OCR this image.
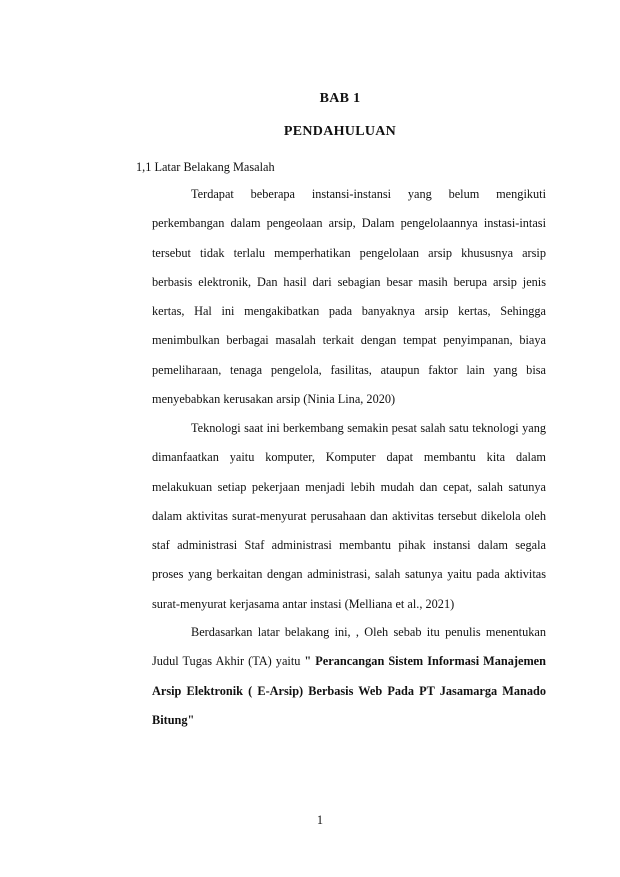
BAB 1
PENDAHULUAN
1,1 Latar Belakang Masalah

Terdapat beberapa instansi-instansi yang belum mengikuti perkembangan dalam pengeolaan arsip, Dalam pengelolaannya instasi-intasi tersebut tidak terlalu memperhatikan pengelolaan arsip khususnya arsip berbasis elektronik, Dan hasil dari sebagian besar masih berupa arsip jenis kertas, Hal ini mengakibatkan pada banyaknya arsip kertas, Sehingga menimbulkan berbagai masalah terkait dengan tempat penyimpanan, biaya pemeliharaan, tenaga pengelola, fasilitas, ataupun faktor lain yang bisa menyebabkan kerusakan arsip (Ninia Lina, 2020)

Teknologi saat ini berkembang semakin pesat salah satu teknologi yang dimanfaatkan yaitu komputer, Komputer dapat membantu kita dalam melakukuan setiap pekerjaan menjadi lebih mudah dan cepat, salah satunya dalam aktivitas surat-menyurat perusahaan dan aktivitas tersebut dikelola oleh staf administrasi Staf administrasi membantu pihak instansi dalam segala proses yang berkaitan dengan administrasi, salah satunya yaitu pada aktivitas surat-menyurat kerjasama antar instasi (Melliana et al., 2021)

Berdasarkan latar belakang ini, , Oleh sebab itu penulis menentukan Judul Tugas Akhir (TA) yaitu " Perancangan Sistem Informasi Manajemen Arsip Elektronik ( E-Arsip) Berbasis Web Pada PT Jasamarga Manado Bitung"

1
